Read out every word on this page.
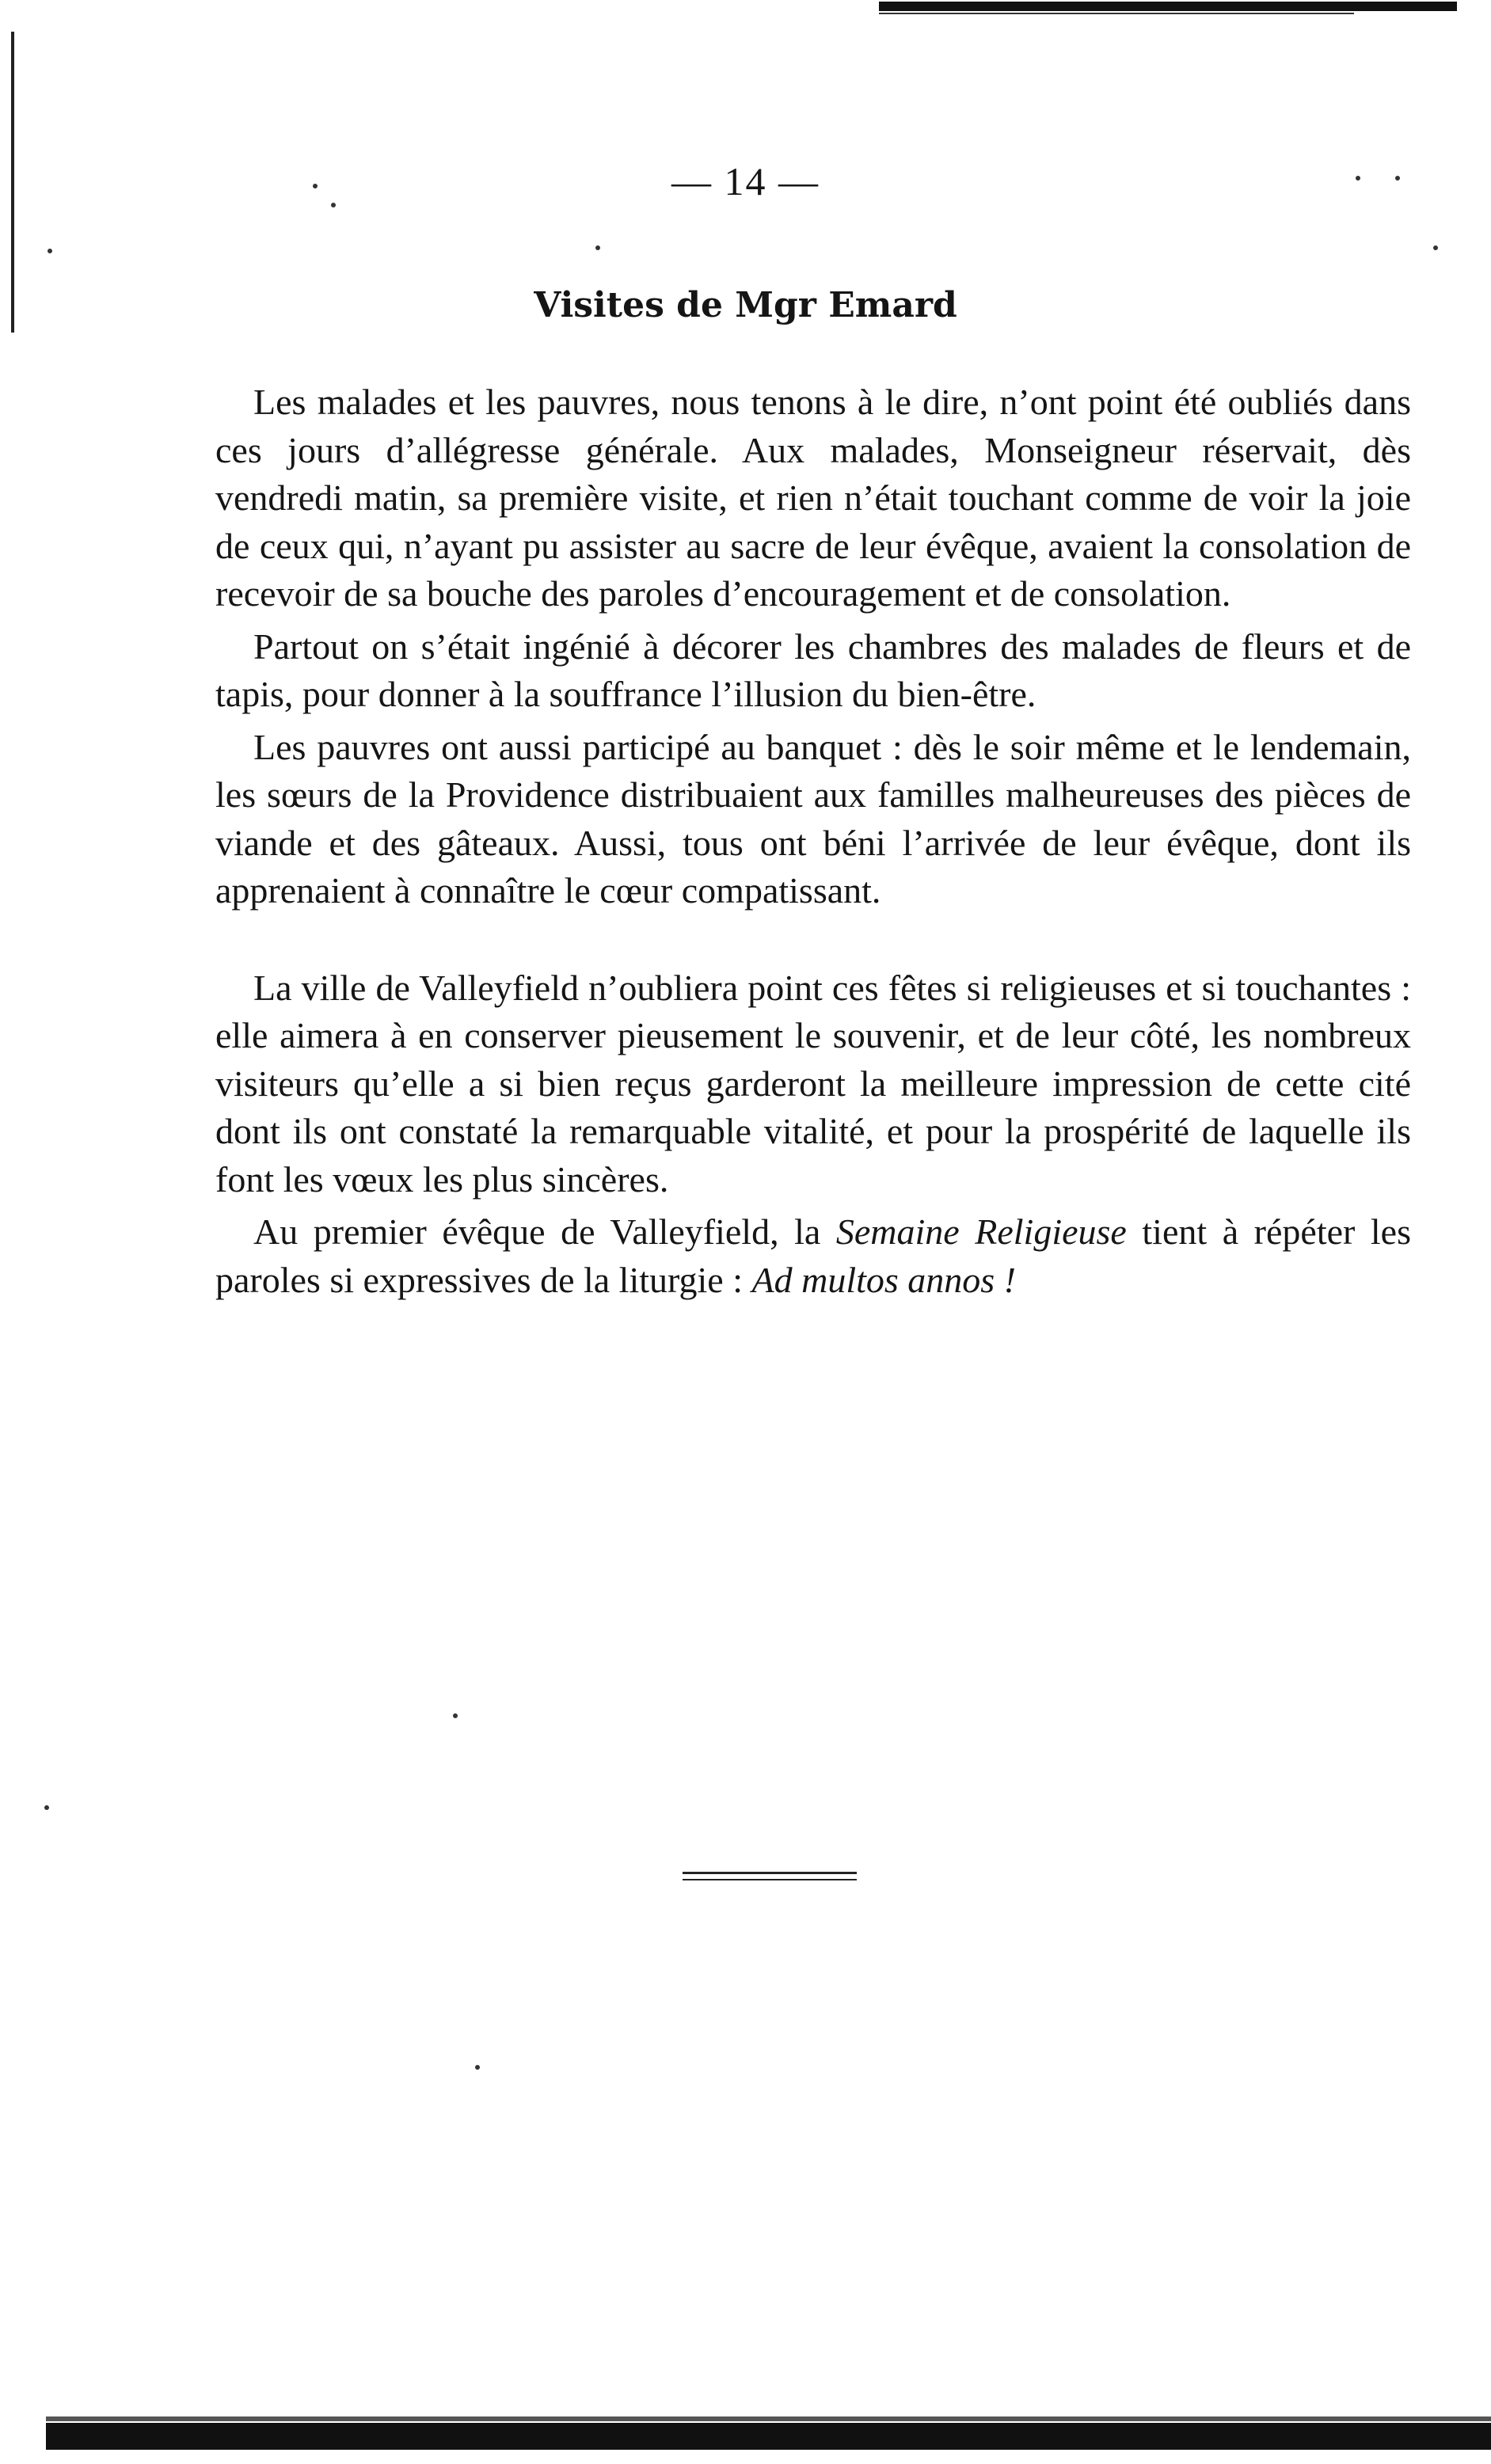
— 14 —
Visites de Mgr Emard

Les malades et les pauvres, nous tenons à le dire, n’ont point été oubliés dans ces jours d’allégresse générale. Aux malades, Monseigneur réservait, dès vendredi matin, sa première visite, et rien n’était touchant comme de voir la joie de ceux qui, n’ayant pu assister au sacre de leur évêque, avaient la consolation de recevoir de sa bouche des paroles d’encouragement et de consolation.

Partout on s’était ingénié à décorer les chambres des malades de fleurs et de tapis, pour donner à la souffrance l’illusion du bien-être.

Les pauvres ont aussi participé au banquet : dès le soir même et le lendemain, les sœurs de la Providence distribuaient aux familles malheureuses des pièces de viande et des gâteaux. Aussi, tous ont béni l’arrivée de leur évêque, dont ils apprenaient à connaître le cœur compatissant.

La ville de Valleyfield n’oubliera point ces fêtes si religieuses et si touchantes : elle aimera à en conserver pieusement le souvenir, et de leur côté, les nombreux visiteurs qu’elle a si bien reçus garderont la meilleure impression de cette cité dont ils ont constaté la remarquable vitalité, et pour la prospérité de laquelle ils font les vœux les plus sincères.

Au premier évêque de Valleyfield, la Semaine Religieuse tient à répéter les paroles si expressives de la liturgie : Ad multos annos !
